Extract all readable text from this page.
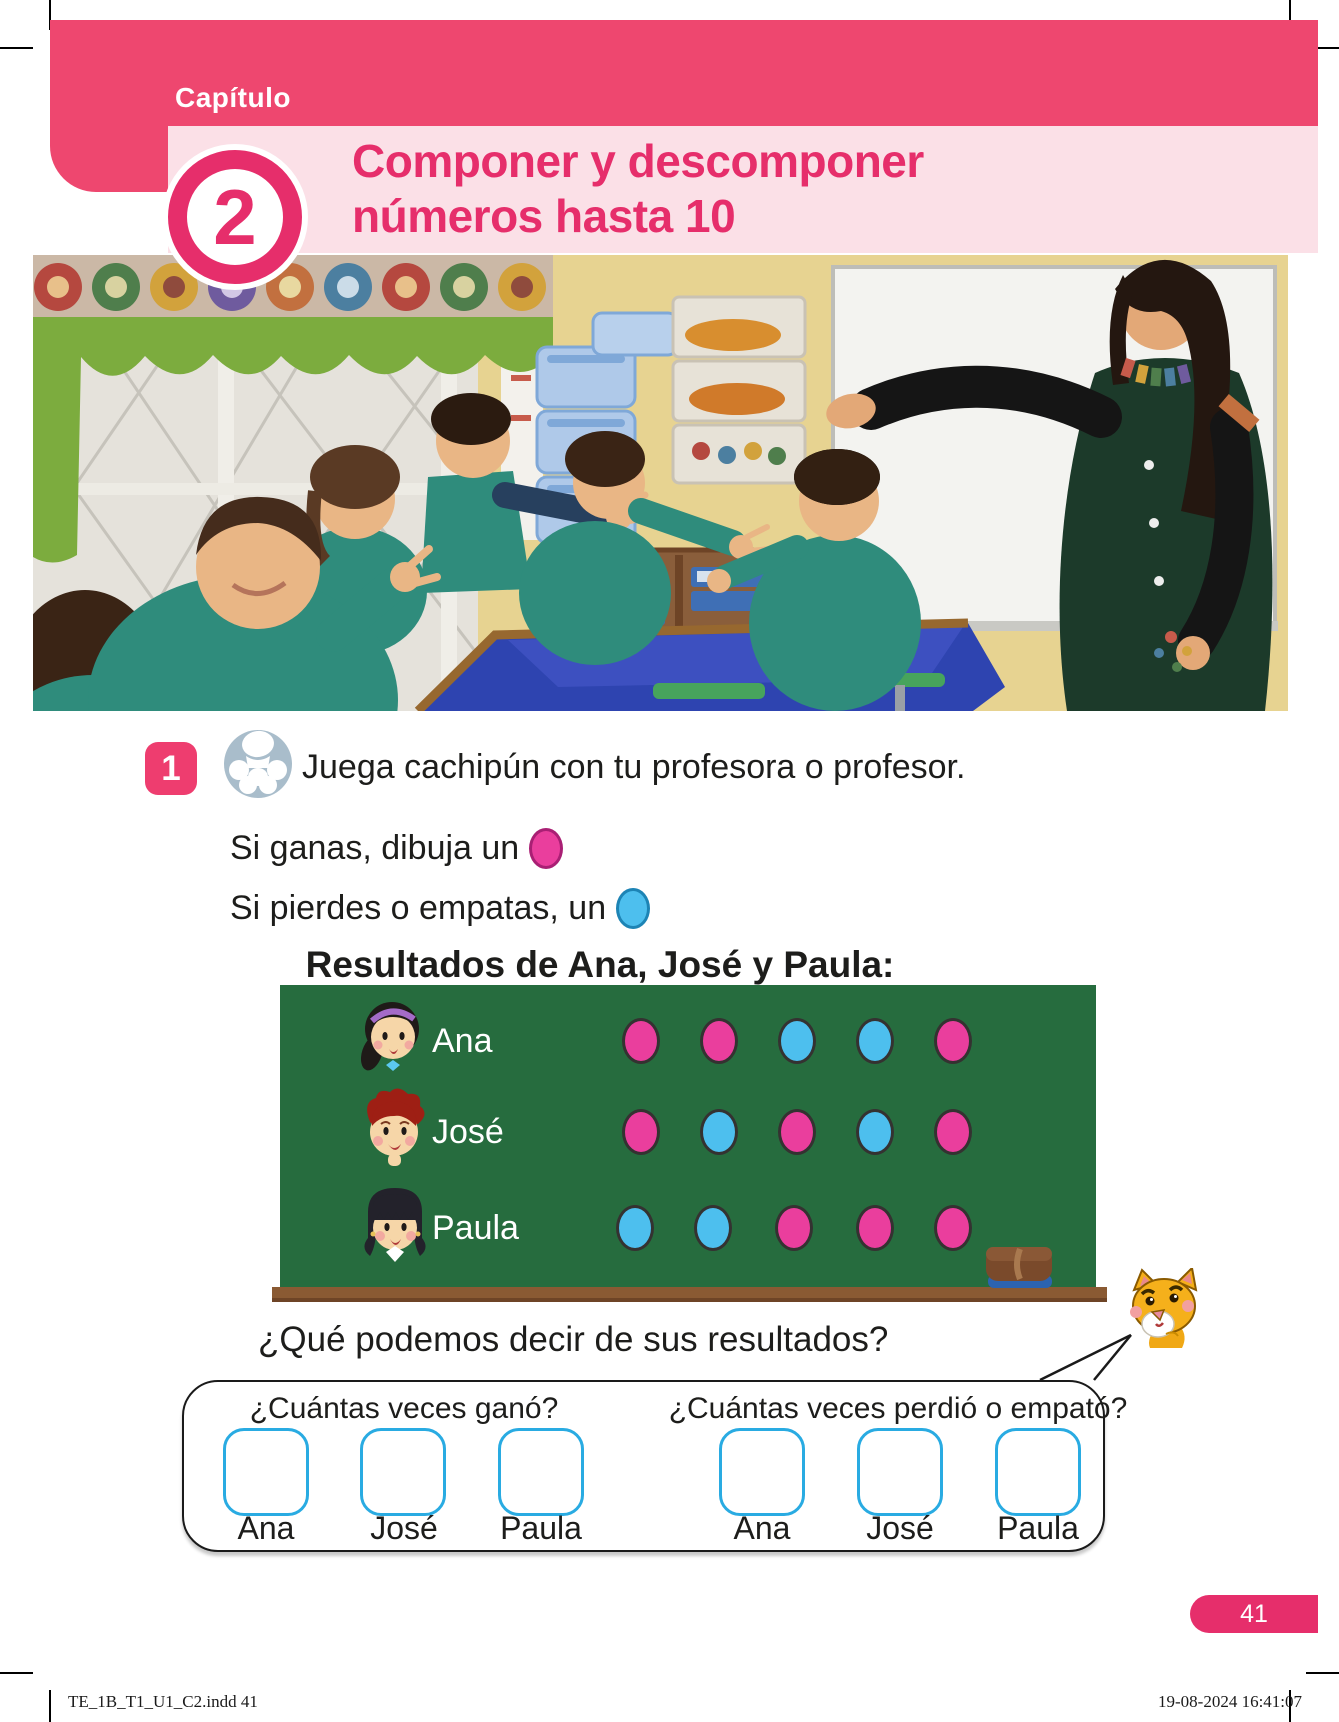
Capítulo
2
Componer y descomponer
números hasta 10
1	Juega cachipún con tu profesora o profesor.
Si ganas, dibuja un
Si pierdes o empatas, un
Resultados de Ana, José y Paula:
Ana
José
Paula
¿Qué podemos decir de sus resultados?
¿Cuántas veces ganó?	¿Cuántas veces perdió o empató?
Ana José Paula	Ana José Paula
41
TE_1B_T1_U1_C2.indd 41	19-08-2024 16:41:07
